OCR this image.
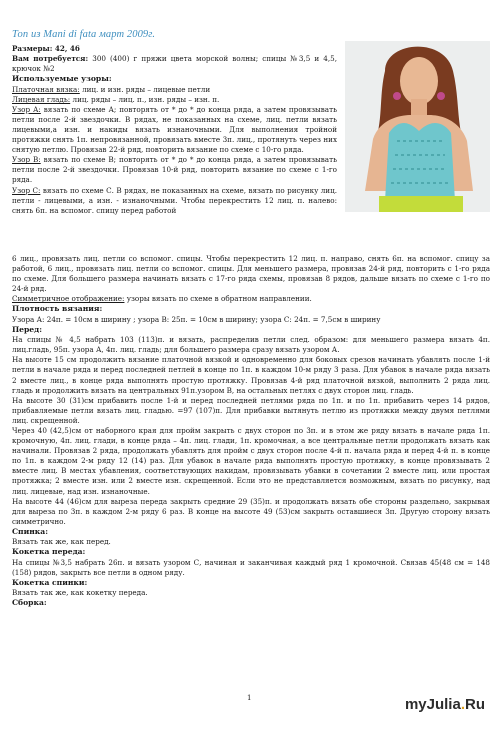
Топ из Mani di fata март 2009г.

Размеры: 42, 46

Вам потребуется: 300 (400) г пряжи цвета морской волны; спицы №3,5 и 4,5, крючок №2

Используемые узоры:

Платочная вязка: лиц. и изн. ряды – лицевые петли

Лицевая гладь: лиц. ряды – лиц. п., изн. ряды – изн. п.

Узор А: вязать по схеме А; повторять от * до * до конца ряда, а затем провязывать петли после 2-й звездочки. В рядах, не показанных на схеме, лиц. петли вязать лицевыми,а изн. и накиды вязать изнаночными. Для выполнения тройной протяжки снять 1п. непровязанной, провязать вместе 3п. лиц., протянуть через них снятую петлю. Провязав 22-й ряд, повторить вязание по схеме с 10-го ряда.

Узор В: вязать по схеме В; повторять от * до * до конца ряда, а затем провязывать петли после 2-й звездочки. Провязав 10-й ряд, повторить вязание по схеме с 1-го ряда.

Узор С: вязать по схеме С. В рядах, не показанных на схеме, вязать по рисунку лиц. петли - лицевыми, а изн. - изнаночными. Чтобы перекрестить 12 лиц. п. налево: снять 6п. на вспомог. спицу перед работой

6 лиц., провязать лиц. петли со вспомог. спицы. Чтобы перекрестить 12 лиц. п. направо, снять 6п. на вспомог. спицу за работой, 6 лиц., провязать лиц. петли со вспомог. спицы. Для меньшего размера, провязав 24-й ряд, повторить с 1-го ряда по схеме. Для большего размера начинать вязать с 17-го ряда схемы, провязав 8 рядов, дальше вязать по схеме с 1-го по 24-й ряд.

Симметричное отображение: узоры вязать по схеме в обратном направлении.

Плотность вязания:

Узора А: 24п. = 10см в ширину ; узора В: 25п. = 10см в ширину; узора С: 24п. = 7,5см в ширину

Перед:

На спицы № 4,5 набрать 103 (113)п. и вязать, распределив петли след. образом: для меньшего размера вязать 4п. лиц.гладь, 95п. узора А, 4п. лиц. гладь; для большего размера сразу вязать узором А.

На высоте 15 см продолжить вязание платочной вязкой и одновременно для боковых срезов начинать убавлять после 1-й петли в начале ряда и перед последней петлей в конце по 1п. в каждом 10-м ряду 3 раза. Для убавок в начале ряда вязать 2 вместе лиц., в конце ряда выполнять простую протяжку. Провязав 4-й ряд платочной вязкой, выполнить 2 ряда лиц. гладь и продолжить вязать на центральных 91п.узором В, на остальных петлях с двух сторон лиц. гладь.

На высоте 30 (31)см прибавить после 1-й и перед последней петлями ряда по 1п. и по 1п. прибавить через 14 рядов, прибавляемые петли вязать лиц. гладью. =97 (107)п. Для прибавки вытянуть петлю из протяжки между двумя петлями лиц. скрещенной.

Через 40 (42,5)см от наборного края для пройм закрыть с двух сторон по 3п. и в этом же ряду вязать в начале ряда 1п. кромочную, 4п. лиц. глади, в конце ряда – 4п. лиц. глади, 1п. кромочная, а все центральные петли продолжать вязать как начинали. Провязав 2 ряда, продолжать убавлять для пройм с двух сторон после 4-й п. начала ряда и перед 4-й п. в конце по 1п. в каждом 2-м ряду 12 (14) раз. Для убавок в начале ряда выполнять простую протяжку, в конце провязывать 2 вместе лиц. В местах убавления, соответствующих накидам, провязывать убавки в сочетании 2 вместе лиц. или простая протяжка; 2 вместе изн. или 2 вместе изн. скрещенной. Если это не представляется возможным, вязать по рисунку, над лиц. лицевые, над изн. изнаночные.

На высоте 44 (46)см для выреза переда закрыть средние 29 (35)п. и продолжать вязать обе стороны раздельно, закрывая для выреза по 3п. в каждом 2-м ряду 6 раз. В конце на высоте 49 (53)см закрыть оставшиеся 3п. Другую сторону вязать симметрично.

Спинка:

Вязать так же, как перед.

Кокетка переда:

На спицы №3,5 набрать 26п. и вязать узором С, начиная и заканчивая каждый ряд 1 кромочной. Связав 45(48 см = 148 (158) рядов, закрыть все петли в одном ряду.

Кокетка спинки:

Вязать так же, как кокетку переда.

Сборка:

1	myJulia.Ru
